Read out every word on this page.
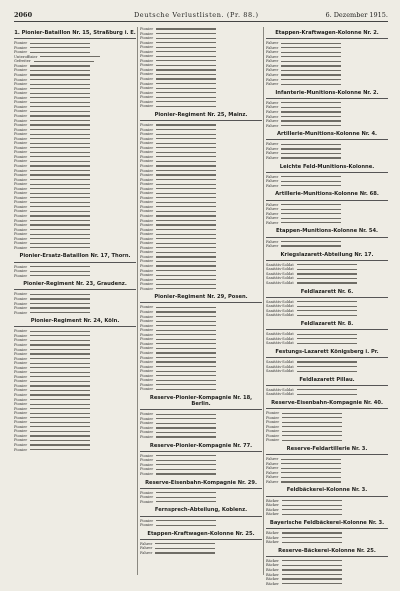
2060	Deutsche Verlustlisten. (Pr. 88.)	6. Dezember 1915.
1. Pionier-Bataillon Nr. 15, Straßburg i. E.
Pionier
Pionier
Pionier
Unteroffizier
Gefreiter
Pionier
Pionier
Pionier
Pionier
Pionier
Pionier
Pionier
Pionier
Pionier
Pionier
Pionier
Pionier
Pionier
Pionier
Pionier
Pionier
Pionier
Pionier
Pionier
Pionier
Pionier
Pionier
Pionier
Pionier
Pionier
Pionier
Pionier
Pionier
Pionier
Pionier
Pionier
Pionier
Pionier
Pionier
Pionier
Pionier
Pionier
Pionier
Pionier
Pionier
Pionier
Pionier-Ersatz-Bataillon Nr. 17, Thorn.
Pionier
Pionier
Pionier
Pionier-Regiment Nr. 23, Graudenz.
Pionier
Pionier
Pionier
Pionier
Pionier
Pionier-Regiment Nr. 24, Köln.
Pionier
Pionier
Pionier
Pionier
Pionier
Pionier
Pionier
Pionier
Pionier
Pionier
Pionier
Pionier
Pionier
Pionier
Pionier
Pionier
Pionier
Pionier
Pionier
Pionier
Pionier
Pionier
Pionier
Pionier
Pionier
Pionier
Pionier
Pionier
Pionier
Pionier
Pionier
Pionier
Pionier
Pionier
Pionier
Pionier
Pionier
Pionier
Pionier
Pionier
Pionier
Pionier
Pionier
Pionier
Pionier
Pionier-Regiment Nr. 25, Mainz.
Pionier
Pionier
Pionier
Pionier
Pionier
Pionier
Pionier
Pionier
Pionier
Pionier
Pionier
Pionier
Pionier
Pionier
Pionier
Pionier
Pionier
Pionier
Pionier
Pionier
Pionier
Pionier
Pionier
Pionier
Pionier
Pionier
Pionier
Pionier
Pionier
Pionier
Pionier
Pionier
Pionier
Pionier
Pionier
Pionier
Pionier
Pionier-Regiment Nr. 29, Posen.
Pionier
Pionier
Pionier
Pionier
Pionier
Pionier
Pionier
Pionier
Pionier
Pionier
Pionier
Pionier
Pionier
Pionier
Pionier
Pionier
Pionier
Pionier
Pionier
Reserve-Pionier-Kompagnie Nr. 18, Berlin.
Pionier
Pionier
Pionier
Pionier
Pionier
Pionier
Reserve-Pionier-Kompagnie Nr. 77.
Pionier
Pionier
Pionier
Pionier
Pionier
Reserve-Eisenbahn-Kompagnie Nr. 29.
Pionier
Pionier
Pionier
Fernsprech-Abteilung, Koblenz.
Pionier
Pionier
Etappen-Kraftwagen-Kolonne Nr. 25.
Fahrer
Fahrer
Fahrer
Etappen-Kraftwagen-Kolonne Nr. 2.
Fahrer
Fahrer
Fahrer
Fahrer
Fahrer
Fahrer
Fahrer
Fahrer
Fahrer
Fahrer
Infanterie-Munitions-Kolonne Nr. 2.
Fahrer
Fahrer
Fahrer
Fahrer
Fahrer
Fahrer
Artillerie-Munitions-Kolonne Nr. 4.
Fahrer
Fahrer
Fahrer
Fahrer
Leichte Feld-Munitions-Kolonne.
Fahrer
Fahrer
Fahrer
Artillerie-Munitions-Kolonne Nr. 68.
Fahrer
Fahrer
Fahrer
Fahrer
Fahrer
Etappen-Munitions-Kolonne Nr. 54.
Fahrer
Fahrer
Kriegslazarett-Abteilung Nr. 17.
Sanitäts-Soldat
Sanitäts-Soldat
Sanitäts-Soldat
Sanitäts-Soldat
Sanitäts-Soldat
Feldlazarett Nr. 6.
Sanitäts-Soldat
Sanitäts-Soldat
Sanitäts-Soldat
Sanitäts-Soldat
Feldlazarett Nr. 8.
Sanitäts-Soldat
Sanitäts-Soldat
Sanitäts-Soldat
Festungs-Lazarett Königsberg i. Pr.
Sanitäts-Soldat
Sanitäts-Soldat
Sanitäts-Soldat
Feldlazarett Pillau.
Sanitäts-Soldat
Sanitäts-Soldat
Reserve-Eisenbahn-Kompagnie Nr. 40.
Pionier
Pionier
Pionier
Pionier
Pionier
Pionier
Pionier
Reserve-Feldartillerie Nr. 3.
Fahrer
Fahrer
Fahrer
Fahrer
Fahrer
Fahrer
Feldbäckerei-Kolonne Nr. 3.
Bäcker
Bäcker
Bäcker
Bäcker
Bayerische Feldbäckerei-Kolonne Nr. 3.
Bäcker
Bäcker
Bäcker
Reserve-Bäckerei-Kolonne Nr. 25.
Bäcker
Bäcker
Bäcker
Bäcker
Bäcker
Bäcker
